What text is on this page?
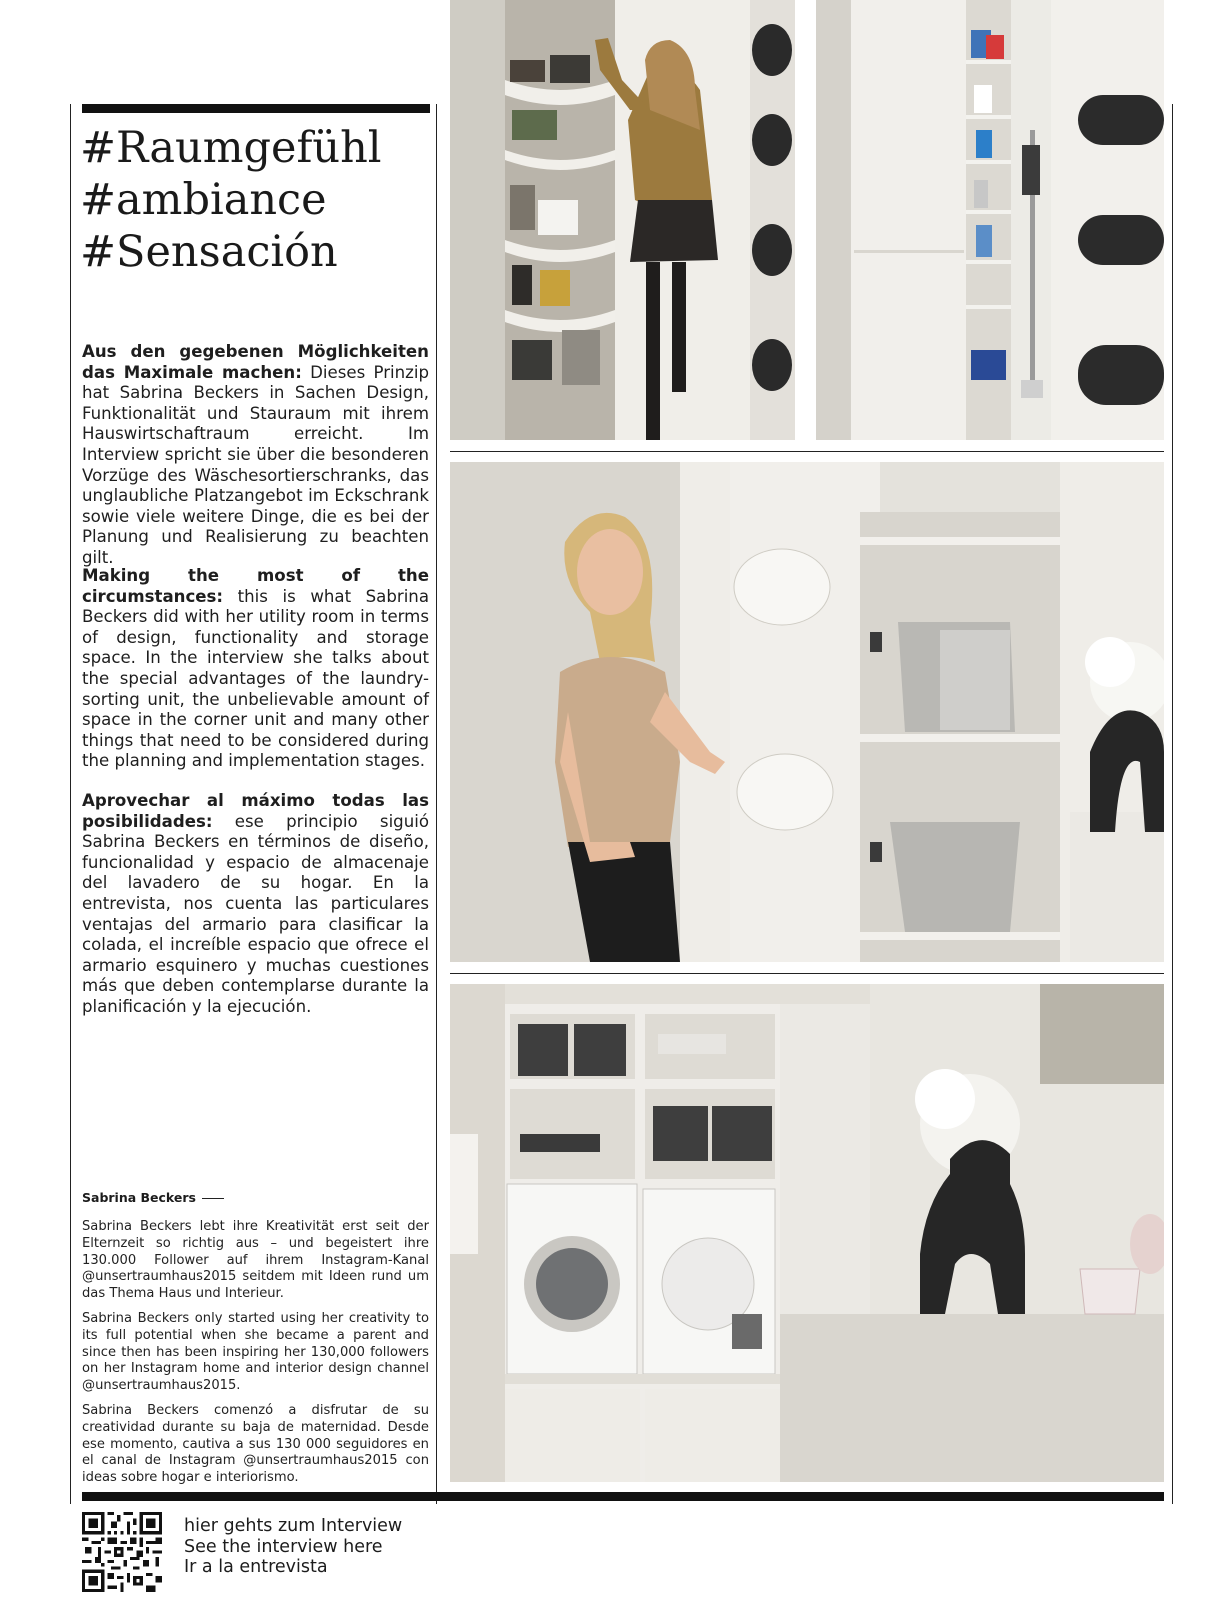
#Raumgefühl
#ambiance
#Sensación

Aus den gegebenen Möglichkeiten das Maximale machen: Dieses Prinzip hat Sabrina Beckers in Sachen Design, Funktionalität und Stauraum mit ihrem Hauswirtschaftraum erreicht. Im Interview spricht sie über die besonderen Vorzüge des Wäschesortierschranks, das unglaubliche Platzangebot im Eckschrank sowie viele weitere Dinge, die es bei der Planung und Realisierung zu beachten gilt.

Making the most of the circumstances: this is what Sabrina Beckers did with her utility room in terms of design, functionality and storage space. In the interview she talks about the special advantages of the laundry-sorting unit, the unbelievable amount of space in the corner unit and many other things that need to be considered during the planning and implementation stages.

Aprovechar al máximo todas las posibilidades: ese principio siguió Sabrina Beckers en términos de diseño, funcionalidad y espacio de almacenaje del lavadero de su hogar. En la entrevista, nos cuenta las particulares ventajas del armario para clasificar la colada, el increíble espacio que ofrece el armario esquinero y muchas cuestiones más que deben contemplarse durante la planificación y la ejecución.

Sabrina Beckers

Sabrina Beckers lebt ihre Kreativität erst seit der Elternzeit so richtig aus – und begeistert ihre 130.000 Follower auf ihrem Instagram-Kanal @unsertraumhaus2015 seitdem mit Ideen rund um das Thema Haus und Interieur.

Sabrina Beckers only started using her creativity to its full potential when she became a parent and since then has been inspiring her 130,000 followers on her Instagram home and interior design channel @unsertraumhaus2015.

Sabrina Beckers comenzó a disfrutar de su creatividad durante su baja de maternidad. Desde ese momento, cautiva a sus 130 000 seguidores en el canal de Instagram @unsertraumhaus2015 con ideas sobre hogar e interiorismo.

hier gehts zum Interview
See the interview here
Ir a la entrevista
